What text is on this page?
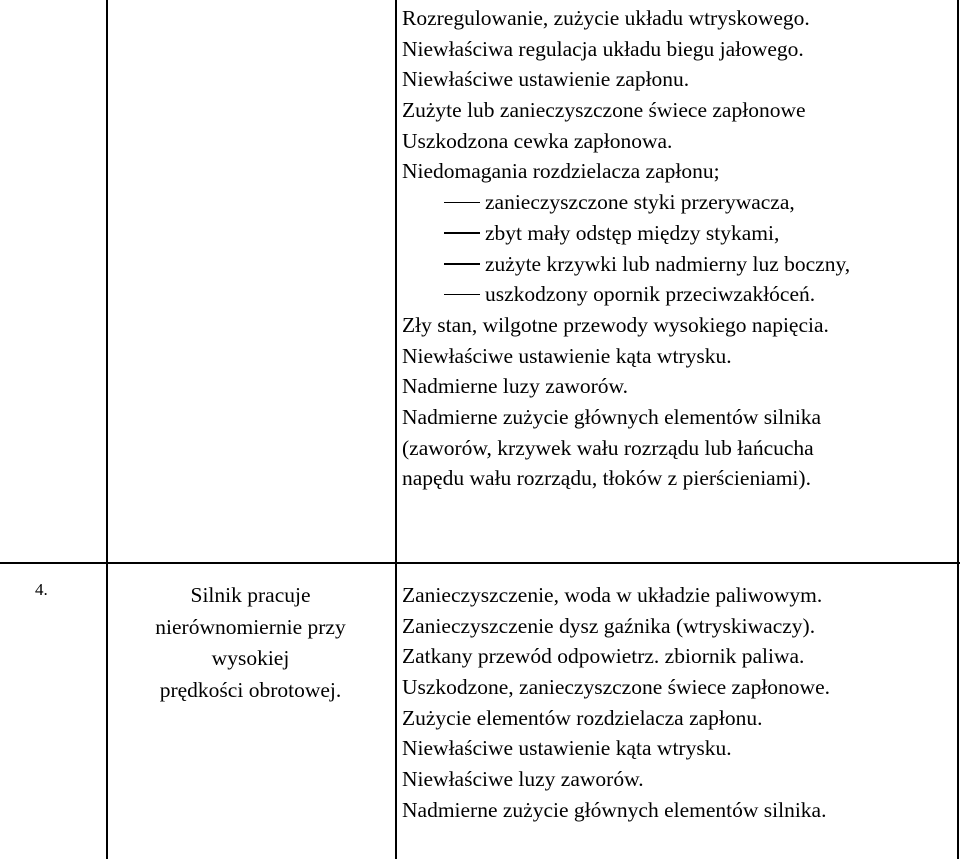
Rozregulowanie, zużycie układu wtryskowego.
Niewłaściwa regulacja układu biegu jałowego.
Niewłaściwe ustawienie zapłonu.
Zużyte lub zanieczyszczone świece zapłonowe
Uszkodzona cewka zapłonowa.
Niedomagania rozdzielacza zapłonu;
zanieczyszczone styki przerywacza,
zbyt mały odstęp między stykami,
zużyte krzywki lub nadmierny luz boczny,
uszkodzony opornik przeciwzakłóceń.
Zły stan, wilgotne przewody wysokiego napięcia.
Niewłaściwe ustawienie kąta wtrysku.
Nadmierne luzy zaworów.
Nadmierne zużycie głównych elementów silnika
(zaworów, krzywek wału rozrządu lub łańcucha
napędu wału rozrządu, tłoków z pierścieniami).
4.	Silnik pracuje
nierównomiernie przy
wysokiej
prędkości obrotowej.
Zanieczyszczenie, woda w układzie paliwowym.
Zanieczyszczenie dysz gaźnika (wtryskiwaczy).
Zatkany przewód odpowietrz. zbiornik paliwa.
Uszkodzone, zanieczyszczone świece zapłonowe.
Zużycie elementów rozdzielacza zapłonu.
Niewłaściwe ustawienie kąta wtrysku.
Niewłaściwe luzy zaworów.
Nadmierne zużycie głównych elementów silnika.
